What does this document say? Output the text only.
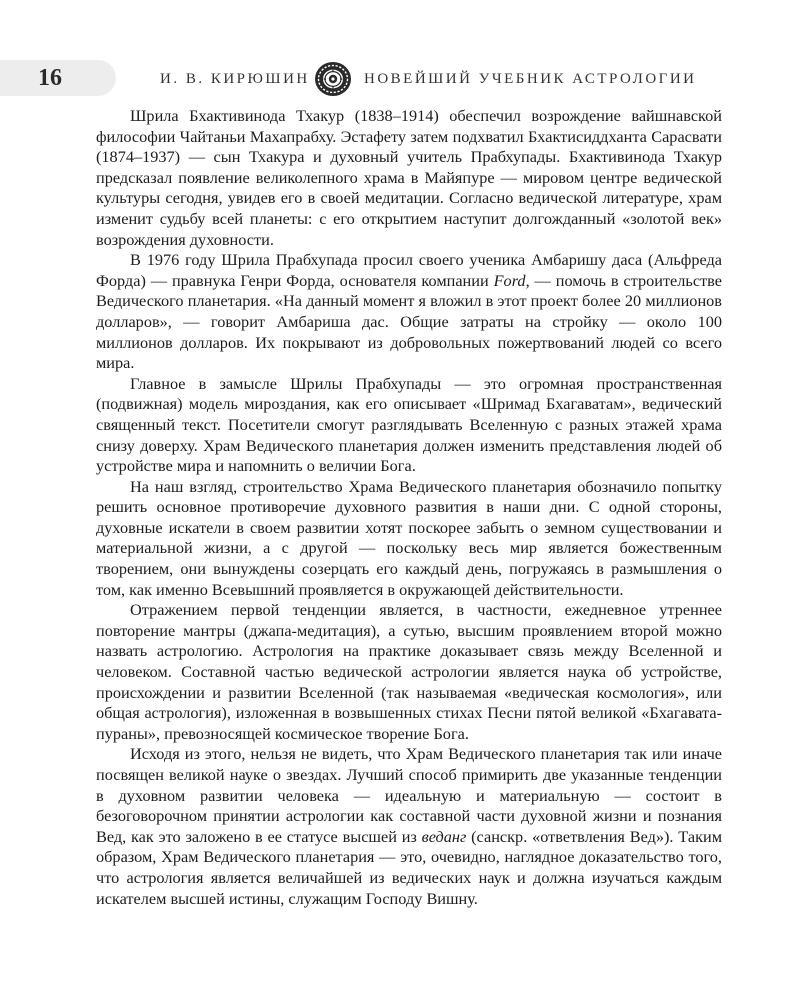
16	И. В. КИРЮШИН	НОВЕЙШИЙ УЧЕБНИК АСТРОЛОГИИ

Шрила Бхактивинода Тхакур (1838–1914) обеспечил возрождение вайшнавской философии Чайтаньи Махапрабху. Эстафету затем подхватил Бхактисиддханта Сарасвати (1874–1937) — сын Тхакура и духовный учитель Прабхупады. Бхактивинода Тхакур предсказал появление великолепного храма в Майяпуре — мировом центре ведической культуры сегодня, увидев его в своей медитации. Согласно ведической литературе, храм изменит судьбу всей планеты: с его открытием наступит долгожданный «золотой век» возрождения духовности.

В 1976 году Шрила Прабхупада просил своего ученика Амбаришу даса (Альфреда Форда) — правнука Генри Форда, основателя компании Ford, — помочь в строительстве Ведического планетария. «На данный момент я вложил в этот проект более 20 миллионов долларов», — говорит Амбариша дас. Общие затраты на стройку — около 100 миллионов долларов. Их покрывают из добровольных пожертвований людей со всего мира.

Главное в замысле Шрилы Прабхупады — это огромная пространственная (подвижная) модель мироздания, как его описывает «Шримад Бхагаватам», ведический священный текст. Посетители смогут разглядывать Вселенную с разных этажей храма снизу доверху. Храм Ведического планетария должен изменить представления людей об устройстве мира и напомнить о величии Бога.

На наш взгляд, строительство Храма Ведического планетария обозначило попытку решить основное противоречие духовного развития в наши дни. С одной стороны, духовные искатели в своем развитии хотят поскорее забыть о земном существовании и материальной жизни, а с другой — поскольку весь мир является божественным творением, они вынуждены созерцать его каждый день, погружаясь в размышления о том, как именно Всевышний проявляется в окружающей действительности.

Отражением первой тенденции является, в частности, ежедневное утреннее повторение мантры (джапа-медитация), а сутью, высшим проявлением второй можно назвать астрологию. Астрология на практике доказывает связь между Вселенной и человеком. Составной частью ведической астрологии является наука об устройстве, происхождении и развитии Вселенной (так называемая «ведическая космология», или общая астрология), изложенная в возвышенных стихах Песни пятой великой «Бхагавата-пураны», превозносящей космическое творение Бога.

Исходя из этого, нельзя не видеть, что Храм Ведического планетария так или иначе посвящен великой науке о звездах. Лучший способ примирить две указанные тенденции в духовном развитии человека — идеальную и материальную — состоит в безоговорочном принятии астрологии как составной части духовной жизни и познания Вед, как это заложено в ее статусе высшей из веданг (санскр. «ответвления Вед»). Таким образом, Храм Ведического планетария — это, очевидно, наглядное доказательство того, что астрология является величайшей из ведических наук и должна изучаться каждым искателем высшей истины, служащим Господу Вишну.
